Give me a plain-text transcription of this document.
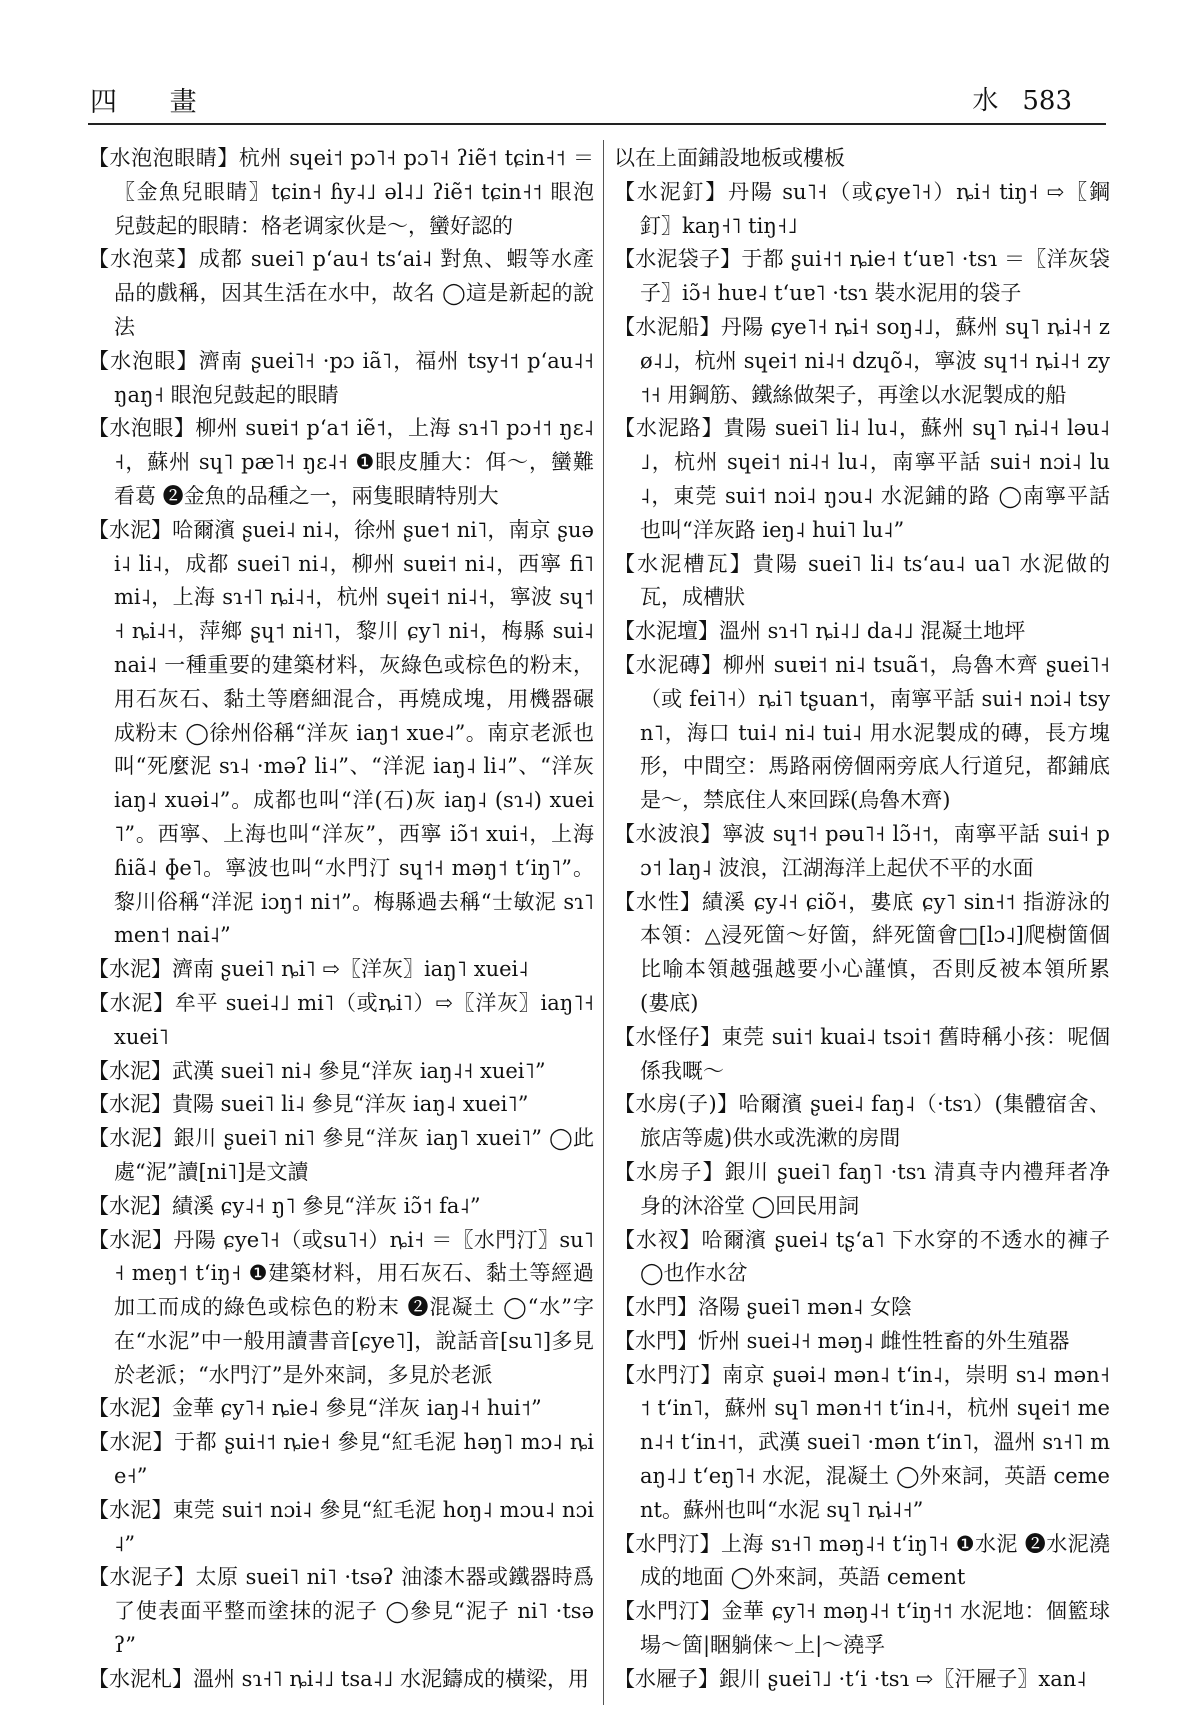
四 畫	水 583

【水泡泡眼睛】杭州 sɥei˦ pɔ˥˧ pɔ˥˧ ʔiẽ˦ tɕin˧˦ ＝〖金魚兒眼睛〗tɕin˧ ɦy˨˩ əl˨˩ ʔiẽ˦ tɕin˧˦ 眼泡兒鼓起的眼睛：格老调家伙是～，蠻好認的

【水泡菜】成都 suei˥ pʻau˧ tsʻai˨ 對魚、蝦等水產品的戲稱，因其生活在水中，故名 ◯這是新起的說法

【水泡眼】濟南 ʂuei˥˧ ·pɔ iã˥，福州 tsy˧˦ pʻau˨˧ ŋaŋ˧ 眼泡兒鼓起的眼睛

【水泡眼】柳州 suɐi˦ pʻa˦ iẽ˦，上海 sɿ˧˥ pɔ˧˦ ŋɛ˨˧，蘇州 sɥ˥ pæ˥˧ ŋɛ˨˧ ❶眼皮腫大：佴～，蠻難看葛 ❷金魚的品種之一，兩隻眼睛特別大

【水泥】哈爾濱 ʂuei˨ ni˨，徐州 ʂue˦ ni˥，南京 ʂuəi˨ li˨，成都 suei˥ ni˨，柳州 suɐi˦ ni˨，西寧 fi˥ mi˨，上海 sɿ˧˥ ȵi˨˧，杭州 sɥei˦ ni˨˧，寧波 sɥ˦˧ ȵi˨˧，萍鄉 ʂɥ˦ ni˧˥，黎川 ɕy˥ ni˧，梅縣 sui˨ nai˨ 一種重要的建築材料，灰綠色或棕色的粉末，用石灰石、黏土等磨細混合，再燒成塊，用機器碾成粉末 ◯徐州俗稱“洋灰 iaŋ˦ xue˨”。南京老派也叫“死麼泥 sɿ˨ ·məʔ li˨”、“洋泥 iaŋ˨ li˨”、“洋灰 iaŋ˨ xuəi˨”。成都也叫“洋(石)灰 iaŋ˨ (sɿ˨) xuei˥”。西寧、上海也叫“洋灰”，西寧 iɔ̃˦ xui˧，上海 ɦiã˨ ɸe˥。寧波也叫“水門汀 sɥ˦˧ məŋ˦ tʻiŋ˥”。黎川俗稱“洋泥 iɔŋ˦ ni˦”。梅縣過去稱“士敏泥 sɿ˥ men˦ nai˨”

【水泥】濟南 ʂuei˥ ȵi˥ ⇨〖洋灰〗iaŋ˥ xuei˨

【水泥】牟平 suei˨˩ mi˥（或ȵi˥）⇨〖洋灰〗iaŋ˥˧ xuei˥

【水泥】武漢 suei˥ ni˨ 參見“洋灰 iaŋ˨˧ xuei˥”

【水泥】貴陽 suei˥ li˨ 參見“洋灰 iaŋ˨ xuei˥”

【水泥】銀川 ʂuei˥ ni˥ 參見“洋灰 iaŋ˥ xuei˥” ◯此處“泥”讀[ni˥]是文讀

【水泥】績溪 ɕy˨˧ ŋ˥ 參見“洋灰 iɔ̃˦ fa˨”

【水泥】丹陽 ɕye˥˧（或su˥˧）ȵi˧ ＝〖水門汀〗su˥˧ meŋ˦ tʻiŋ˧ ❶建築材料，用石灰石、黏土等經過加工而成的綠色或棕色的粉末 ❷混凝土 ◯“水”字在“水泥”中一般用讀書音[ɕye˥]，說話音[su˥]多見於老派；“水門汀”是外來詞，多見於老派

【水泥】金華 ɕy˥˧ ȵie˨ 參見“洋灰 iaŋ˨˧ hui˦”

【水泥】于都 ʂui˧˦ ȵie˧ 參見“紅毛泥 həŋ˥ mɔ˨ ȵie˧”

【水泥】東莞 sui˦ nɔi˨ 參見“紅毛泥 hoŋ˨ mɔu˨ nɔi˨”

【水泥子】太原 suei˥ ni˥ ·tsəʔ 油漆木器或鐵器時爲了使表面平整而塗抹的泥子 ◯參見“泥子 ni˥ ·tsəʔ”

【水泥札】溫州 sɿ˧˥ ȵi˨˩ tsa˨˩ 水泥鑄成的橫梁，用

以在上面鋪設地板或樓板

【水泥釘】丹陽 su˥˧（或ɕye˥˧）ȵi˧ tiŋ˧ ⇨〖鋼釘〗kaŋ˧˥ tiŋ˧˩

【水泥袋子】于都 ʂui˧˦ ȵie˧ tʻuɐ˥ ·tsɿ ＝〖洋灰袋子〗iɔ̃˧ huɐ˨ tʻuɐ˥ ·tsɿ 裝水泥用的袋子

【水泥船】丹陽 ɕye˥˧ ȵi˧ soŋ˨˩，蘇州 sɥ˥ ȵi˨˧ zø˨˩，杭州 sɥei˦ ni˨˧ dzɥõ˨，寧波 sɥ˦˧ ȵi˨˧ zy˦˧ 用鋼筋、鐵絲做架子，再塗以水泥製成的船

【水泥路】貴陽 suei˥ li˨ lu˨，蘇州 sɥ˥ ȵi˨˧ ləu˨˩，杭州 sɥei˦ ni˨˧ lu˨，南寧平話 sui˧ nɔi˨ lu˨，東莞 sui˦ nɔi˨ ŋɔu˨ 水泥鋪的路 ◯南寧平話也叫“洋灰路 ieŋ˨ hui˥ lu˨”

【水泥槽瓦】貴陽 suei˥ li˨ tsʻau˨ ua˥ 水泥做的瓦，成槽狀

【水泥壇】溫州 sɿ˧˥ ȵi˨˩ da˨˩ 混凝土地坪

【水泥磚】柳州 suɐi˦ ni˨ tsuã˦，烏魯木齊 ʂuei˥˧（或 fei˥˧）ȵi˥ tʂuan˦，南寧平話 sui˧ nɔi˨ tsyn˥，海口 tui˨ ni˨ tui˨ 用水泥製成的磚，長方塊形，中間空：馬路兩傍個兩旁底人行道兒，都鋪底是～，禁底住人來回踩(烏魯木齊)

【水波浪】寧波 sɥ˦˧ pəu˥˧ lɔ̃˧˦，南寧平話 sui˧ pɔ˦ laŋ˨ 波浪，江湖海洋上起伏不平的水面

【水性】績溪 ɕy˨˧ ɕiõ˧，婁底 ɕy˥ sin˧˦ 指游泳的本領：△浸死箇～好箇，絆死箇會□[lɔ˨]爬樹箇個比喻本領越强越要小心謹慎，否則反被本領所累(婁底)

【水怪仔】東莞 sui˦ kuai˨ tsɔi˦ 舊時稱小孩：呢個係我嘅～

【水房(子)】哈爾濱 ʂuei˨ faŋ˨（·tsɿ）(集體宿舍、旅店等處)供水或洗漱的房間

【水房子】銀川 ʂuei˥ faŋ˥ ·tsɿ 清真寺内禮拜者净身的沐浴堂 ◯回民用詞

【水衩】哈爾濱 ʂuei˨ tʂʻa˥ 下水穿的不透水的褲子 ◯也作水岔

【水門】洛陽 ʂuei˥ mən˨ 女陰

【水門】忻州 suei˨˧ məŋ˨ 雌性牲畜的外生殖器

【水門汀】南京 ʂuəi˨ mən˨ tʻin˨，崇明 sɿ˨ mən˧˦ tʻin˥，蘇州 sɥ˥ mən˧˦ tʻin˨˧，杭州 sɥei˦ men˨˧ tʻin˧˦，武漢 suei˥ ·mən tʻin˥，溫州 sɿ˧˥ maŋ˨˩ tʻeŋ˥˧ 水泥，混凝土 ◯外來詞，英語 cement。蘇州也叫“水泥 sɥ˥ ȵi˨˧”

【水門汀】上海 sɿ˧˥ məŋ˨˧ tʻiŋ˥˧ ❶水泥 ❷水泥澆成的地面 ◯外來詞，英語 cement

【水門汀】金華 ɕy˥˧ məŋ˨˧ tʻiŋ˧˦ 水泥地：個籃球場～箇|睏躺俫～上|～澆孚

【水屜子】銀川 ʂuei˥˩ ·tʻi ·tsɿ ⇨〖汗屜子〗xan˨
